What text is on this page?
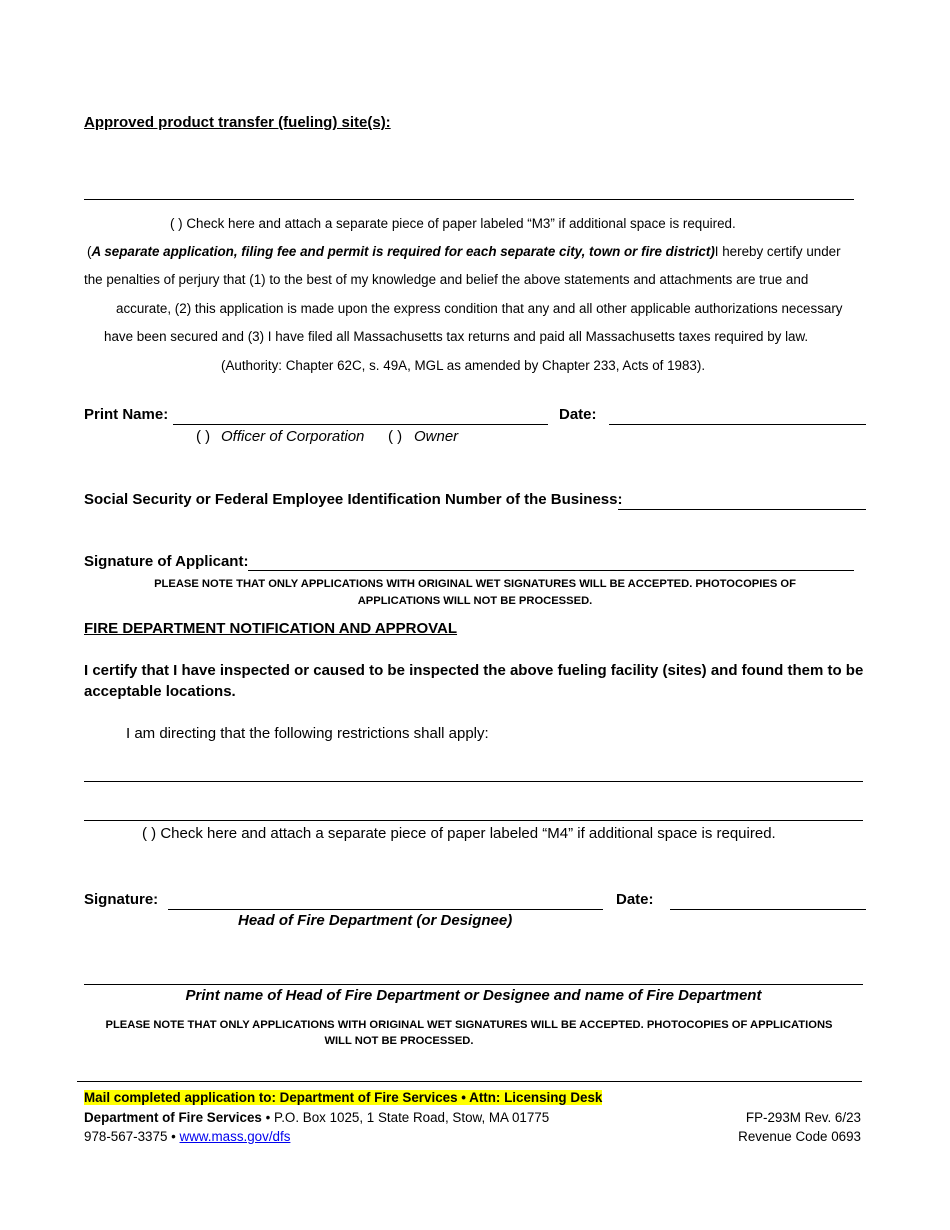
Approved product transfer (fueling) site(s):
( ) Check here and attach a separate piece of paper labeled “M3” if additional space is required.
(A separate application, filing fee and permit is required for each separate city, town or fire district)I hereby certify under
the penalties of perjury that (1) to the best of my knowledge and belief the above statements and attachments are true and
accurate, (2) this application is made upon the express condition that any and all other applicable authorizations necessary
have been secured and (3) I have filed all Massachusetts tax returns and paid all Massachusetts taxes required by law.
(Authority: Chapter 62C, s. 49A, MGL as amended by Chapter 233, Acts of 1983).
Print Name:	Date:
( ) Officer of Corporation ( ) Owner
Social Security or Federal Employee Identification Number of the Business:
Signature of Applicant:
PLEASE NOTE THAT ONLY APPLICATIONS WITH ORIGINAL WET SIGNATURES WILL BE ACCEPTED. PHOTOCOPIES OF
APPLICATIONS WILL NOT BE PROCESSED.
FIRE DEPARTMENT NOTIFICATION AND APPROVAL
I certify that I have inspected or caused to be inspected the above fueling facility (sites) and found them to be
acceptable locations.
I am directing that the following restrictions shall apply:
( ) Check here and attach a separate piece of paper labeled “M4” if additional space is required.
Signature:	Date:
Head of Fire Department (or Designee)
Print name of Head of Fire Department or Designee and name of Fire Department
PLEASE NOTE THAT ONLY APPLICATIONS WITH ORIGINAL WET SIGNATURES WILL BE ACCEPTED. PHOTOCOPIES OF APPLICATIONS
WILL NOT BE PROCESSED.
Mail completed application to: Department of Fire Services • Attn: Licensing Desk
Department of Fire Services • P.O. Box 1025, 1 State Road, Stow, MA 01775
978-567-3375 • www.mass.gov/dfs
FP-293M Rev. 6/23
Revenue Code 0693
